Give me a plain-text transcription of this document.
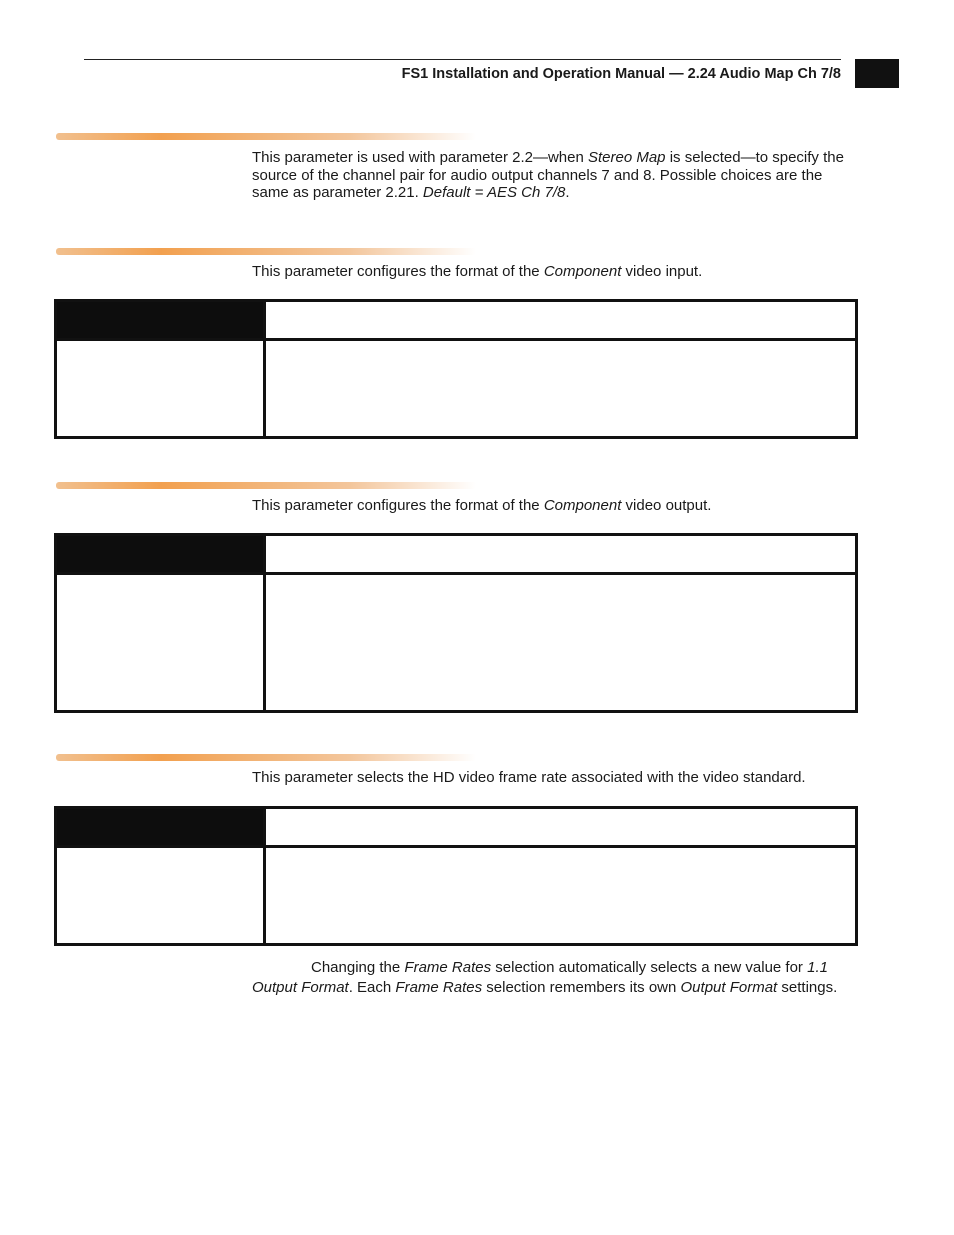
FS1 Installation and Operation Manual — 2.24 Audio Map Ch 7/8
This parameter is used with parameter 2.2—when Stereo Map is selected—to specify the source of the channel pair for audio output channels 7 and 8. Possible choices are the same as parameter 2.21. Default = AES Ch 7/8.
This parameter configures the format of the Component video input.
This parameter configures the format of the Component video output.
This parameter selects the HD video frame rate associated with the video standard.
Changing the Frame Rates selection automatically selects a new value for 1.1 Output Format. Each Frame Rates selection remembers its own Output Format settings.
